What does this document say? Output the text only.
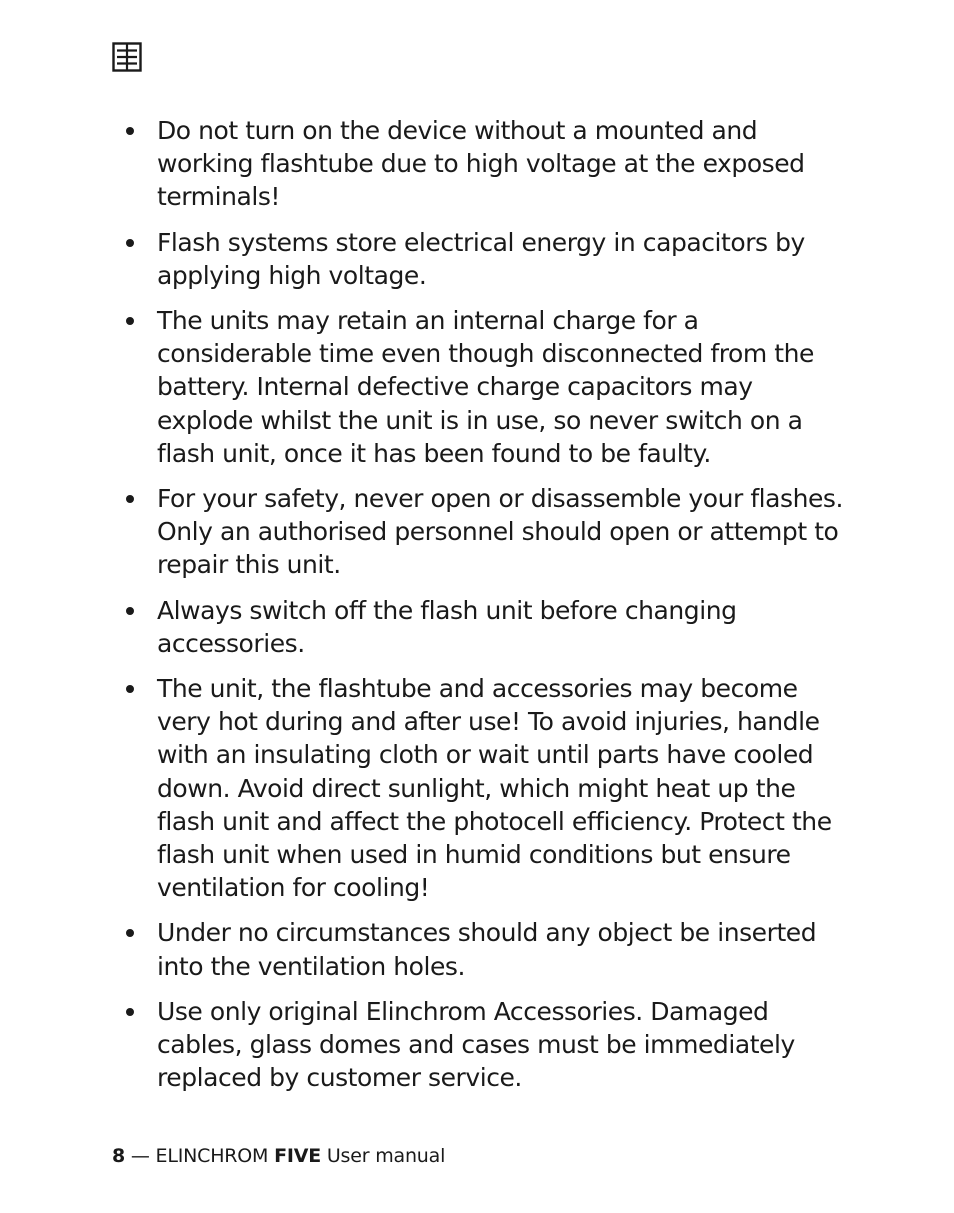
Do not turn on the device without a mounted and working flashtube due to high voltage at the exposed terminals!
Flash systems store electrical energy in capacitors by applying high voltage.
The units may retain an internal charge for a considerable time even though disconnected from the battery. Internal defective charge capacitors may explode whilst the unit is in use, so never switch on a flash unit, once it has been found to be faulty.
For your safety, never open or disassemble your flashes. Only an authorised personnel should open or attempt to repair this unit.
Always switch off the flash unit before changing accessories.
The unit, the flashtube and accessories may become very hot during and after use! To avoid injuries, handle with an insulating cloth or wait until parts have cooled down. Avoid direct sunlight, which might heat up the flash unit and affect the photocell efficiency. Protect the flash unit when used in humid conditions but ensure ventilation for cooling!
Under no circumstances should any object be inserted into the ventilation holes.
Use only original Elinchrom Accessories. Damaged cables, glass domes and cases must be immediately replaced by customer service.
8 — ELINCHROM FIVE User manual
